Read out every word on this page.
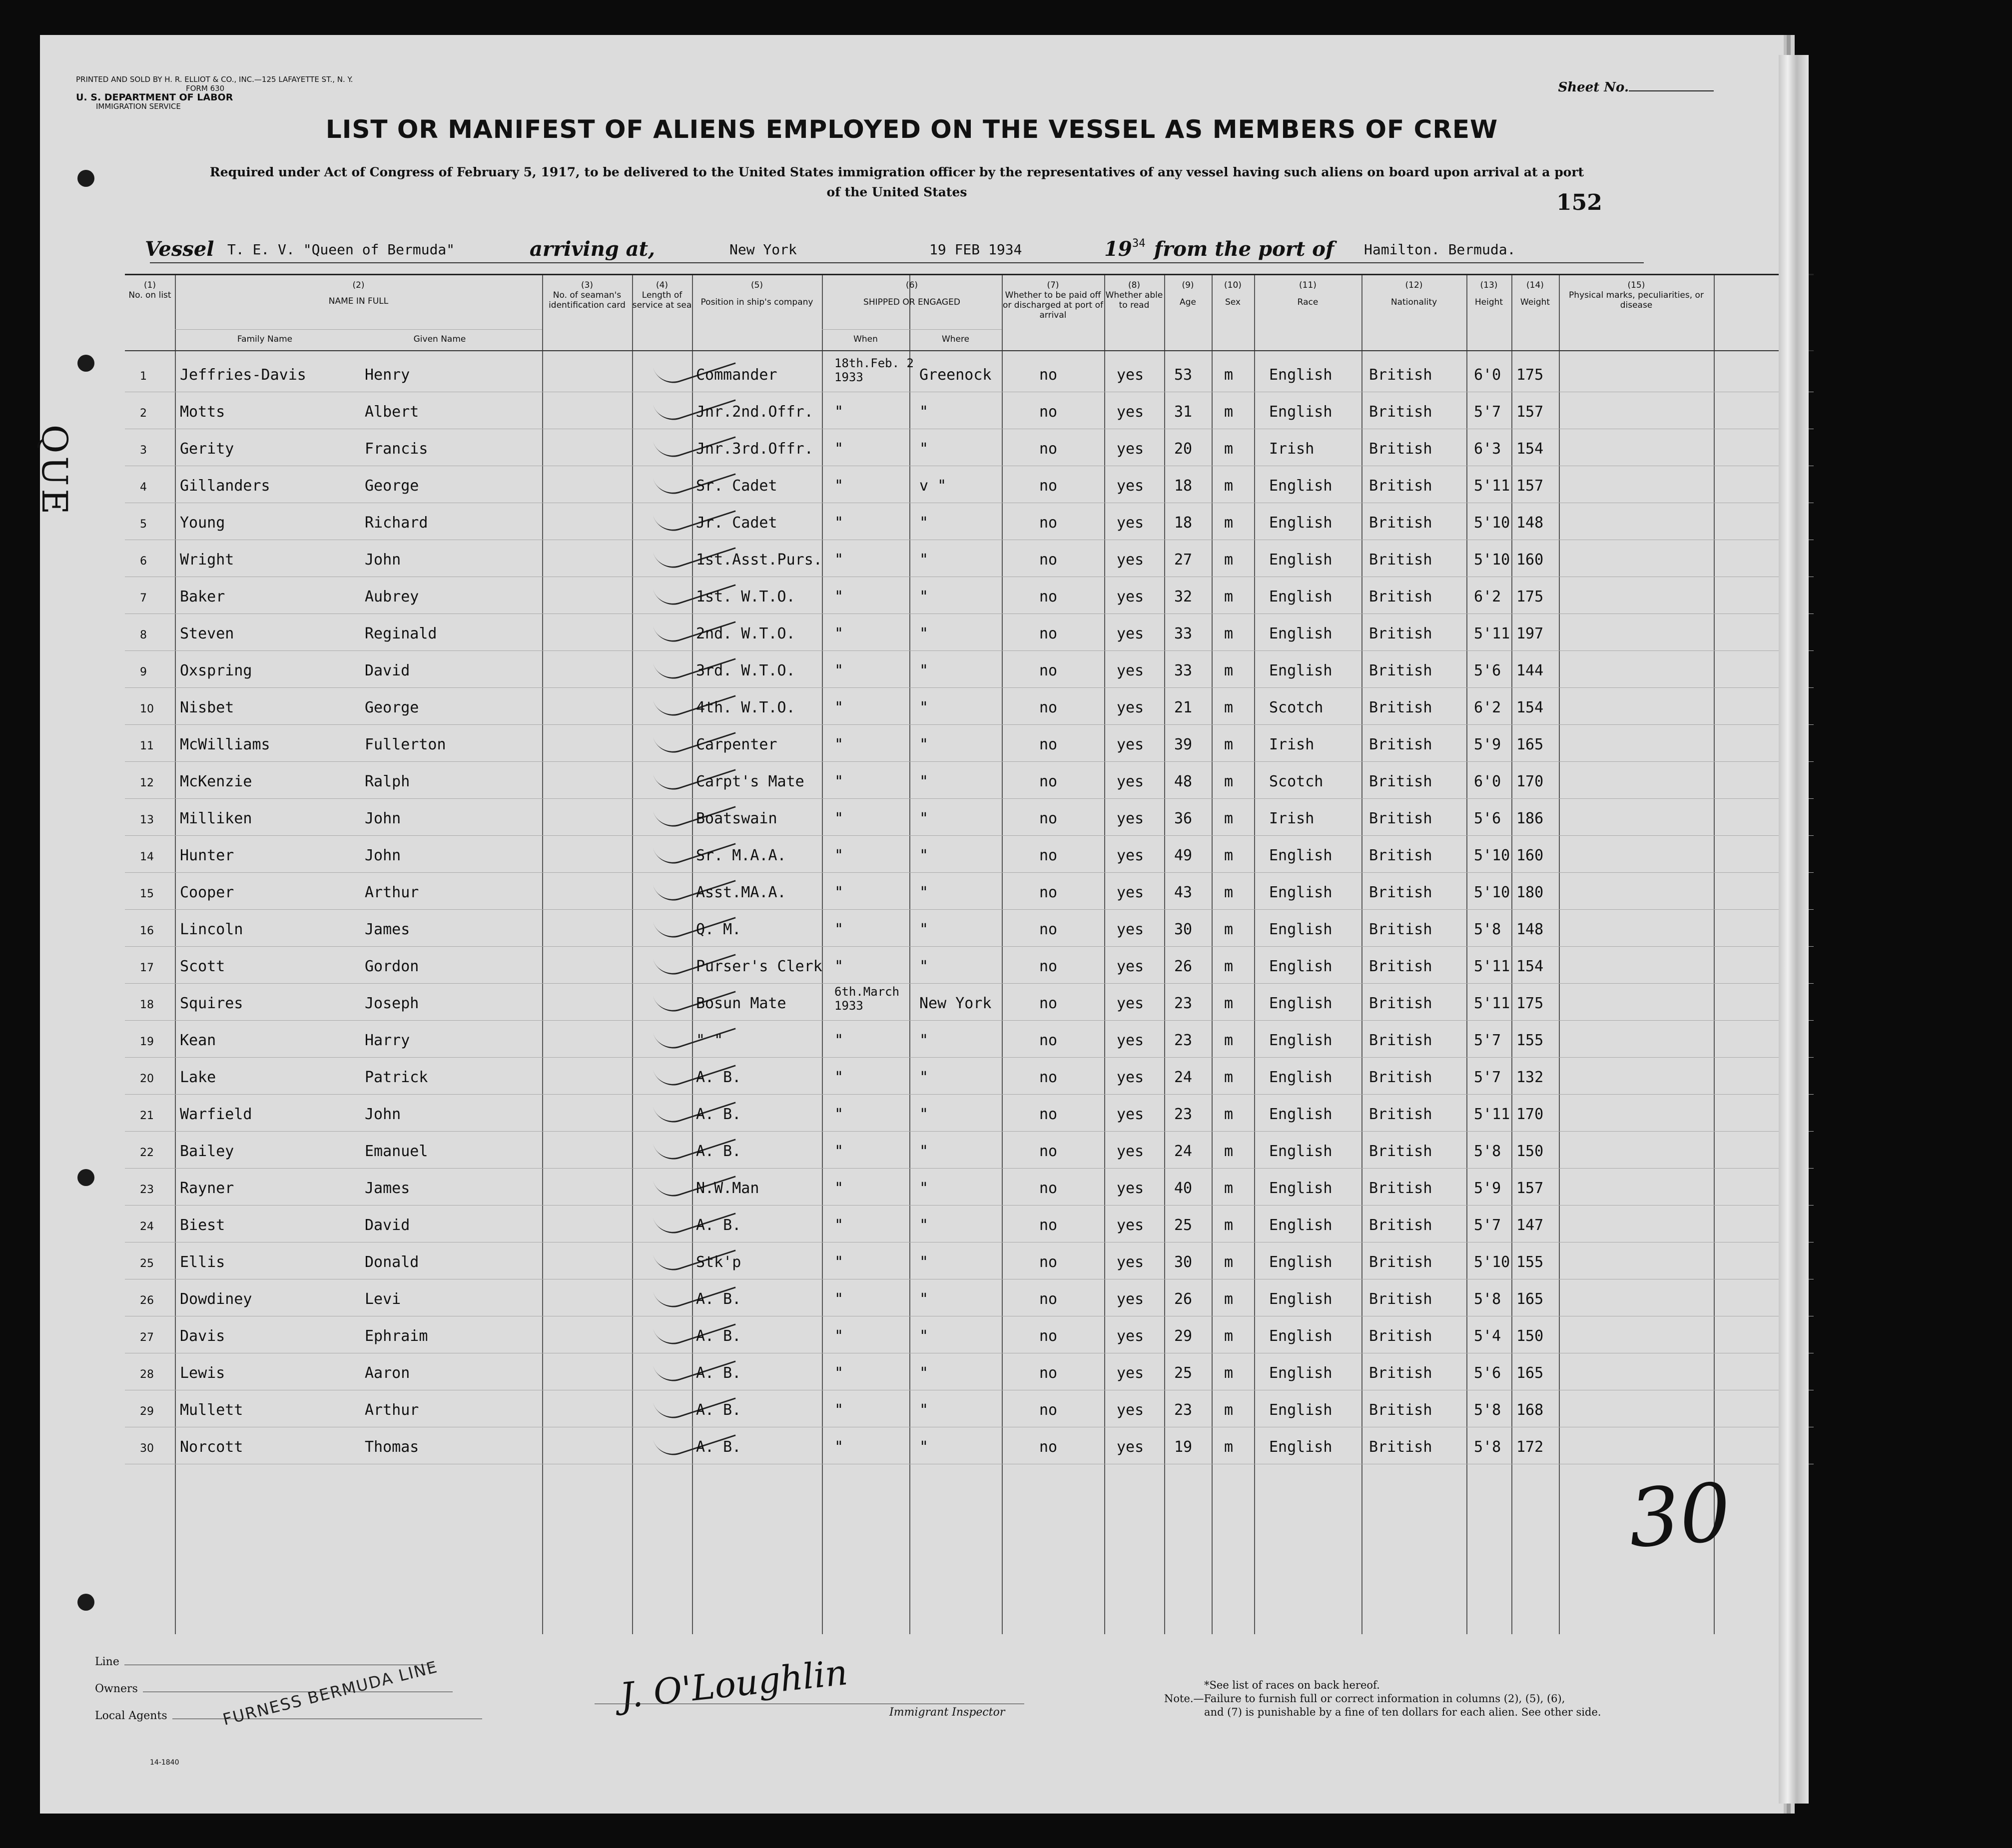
PRINTED AND SOLD BY H. R. ELLIOT & CO., INC.—125 LAFAYETTE ST., N. Y.
FORM 630
U. S. DEPARTMENT OF LABOR
IMMIGRATION SERVICE
Sheet No.
LIST OR MANIFEST OF ALIENS EMPLOYED ON THE VESSEL AS MEMBERS OF CREW
Required under Act of Congress of February 5, 1917, to be delivered to the United States immigration officer by the representatives of any vessel having such aliens on board upon arrival at a port
of the United States	152
Vessel T. E. V. "Queen of Bermuda"	arriving at,	New York	19 FEB 1934	19 34 from the port of Hamilton. Bermuda.
(1)
No. on list
(2)
NAME IN FULL
Family Name	Given Name
(3)
No. of seaman's identification card
(4)
Length of service at sea
(5)
Position in ship's company
(6)
SHIPPED OR ENGAGED
When	Where
(7)
Whether to be paid off or discharged at port of arrival
(8)
Whether able to read
(9)
Age
(10)
Sex
(11)
Race
(12)
Nationality
(13)
Height
(14)
Weight
(15)
Physical marks, peculiarities, or disease
1 Jeffries-Davis	Henry	Commander
18th.Feb. 2 1933	Greenock	no	yes 53 m English British	6'0 175
2 Motts	Albert	Jnr.2nd.Offr. "	"	no	yes 31 m English British	5'7 157
3 Gerity	Francis	Jnr.3rd.Offr. "	"	no	yes 20 m Irish	British	6'3 154
4 Gillanders	George	Sr. Cadet	"	v "	no	yes 18 m English British	5'11 157
5 Young	Richard	Jr. Cadet	"	"	no	yes 18 m English British	5'10 148
6 Wright	John	1st.Asst.Purs. "	"	no	yes 27 m English British	5'10 160
7 Baker	Aubrey	1st. W.T.O.	"	"	no	yes 32 m English British	6'2 175
8 Steven	Reginald	2nd. W.T.O.	"	"	no	yes 33 m English British	5'11 197
9 Oxspring	David	3rd. W.T.O.	"	"	no	yes 33 m English British	5'6 144
10 Nisbet	George	4th. W.T.O.	"	"	no	yes 21 m Scotch	British	6'2 154
11 McWilliams	Fullerton	Carpenter	"	"	no	yes 39 m Irish	British	5'9 165
12 McKenzie	Ralph	Carpt's Mate "	"	no	yes 48 m Scotch	British	6'0 170
13 Milliken	John	Boatswain	"	"	no	yes 36 m Irish	British	5'6 186
14 Hunter	John	Sr. M.A.A.	"	"	no	yes 49 m English British	5'10 160
15 Cooper	Arthur	Asst.MA.A.	"	"	no	yes 43 m English British	5'10 180
16 Lincoln	James	Q. M.	"	"	no	yes 30 m English British	5'8 148
17 Scott	Gordon	Purser's Clerk "	"	no	yes 26 m English British	5'11 154
18 Squires	Joseph	Bosun Mate
6th.March 1933	New York	no	yes 23 m English British	5'11 175
19 Kean	Harry	" "	"	"	no	yes 23 m English British	5'7 155
20 Lake	Patrick	A. B.	"	"	no	yes 24 m English British	5'7 132
21 Warfield	John	A. B.	"	"	no	yes 23 m English British	5'11 170
22 Bailey	Emanuel	A. B.	"	"	no	yes 24 m English British	5'8 150
23 Rayner	James	N.W.Man	"	"	no	yes 40 m English British	5'9 157
24 Biest	David	A. B.	"	"	no	yes 25 m English British	5'7 147
25 Ellis	Donald	Stk'p	"	"	no	yes 30 m English British	5'10 155
26 Dowdiney	Levi	A. B.	"	"	no	yes 26 m English British	5'8 165
27 Davis	Ephraim	A. B.	"	"	no	yes 29 m English British	5'4 150
28 Lewis	Aaron	A. B.	"	"	no	yes 25 m English British	5'6 165
29 Mullett	Arthur	A. B.	"	"	no	yes 23 m English British	5'8 168
30 Norcott	Thomas	A. B.	"	"	no	yes 19 m English British	5'8 172
Line
Owners
Local Agents	FURNESS BERMUDA LINE	J. O'Loughlin	Immigrant Inspector
*See list of races on back hereof.
Note.—Failure to furnish full or correct information in columns (2), (5), (6),
and (7) is punishable by a fine of ten dollars for each alien. See other side.
14-1840
30
QUE
